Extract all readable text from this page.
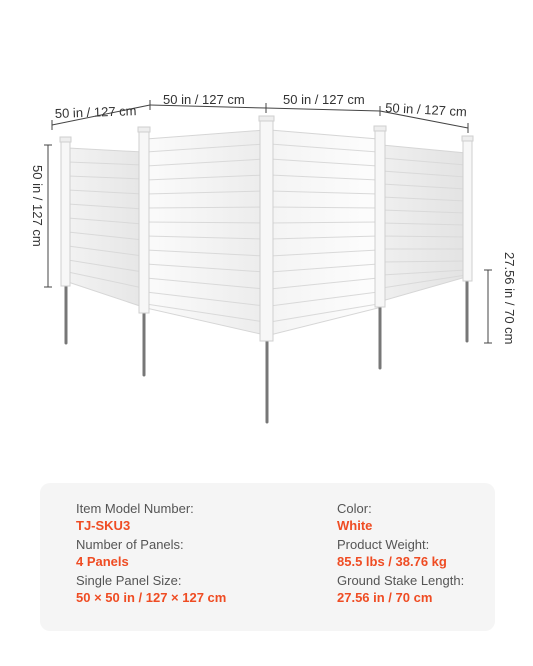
50 in / 127 cm
50 in / 127 cm	50 in / 127 cm
50 in / 127 cm
50 in / 127 cm
27.56 in / 70 cm
Item Model Number:
TJ-SKU3
Number of Panels:
4 Panels
Single Panel Size:
50 × 50 in / 127 × 127 cm
Color:
White
Product Weight:
85.5 lbs / 38.76 kg
Ground Stake Length:
27.56 in / 70 cm
